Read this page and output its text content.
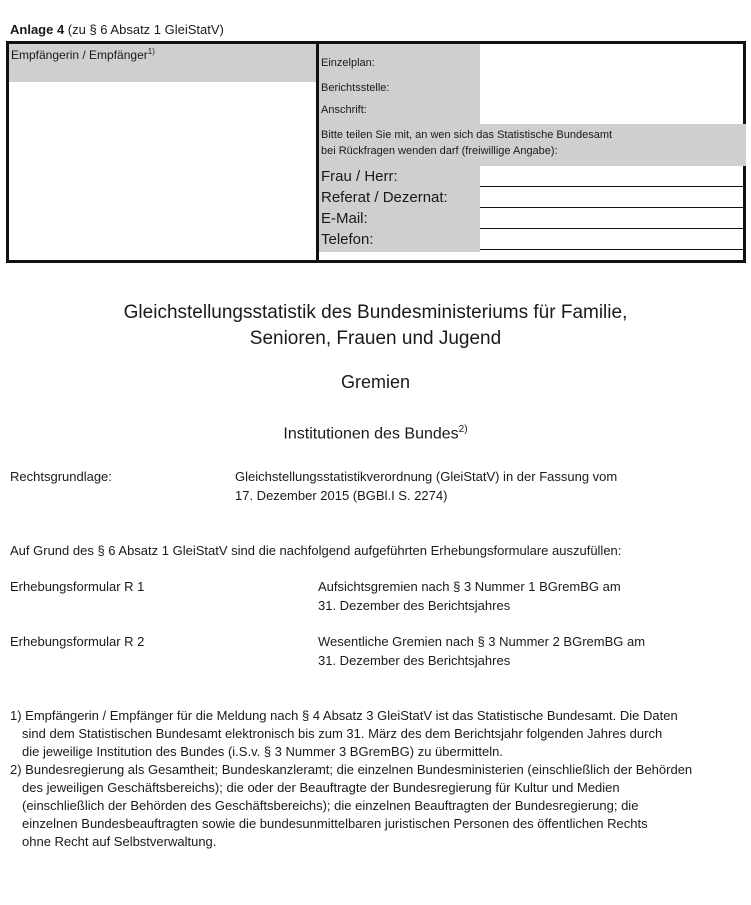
Anlage 4 (zu § 6 Absatz 1 GleiStatV)
Empfängerin / Empfänger$^{1)}$
Einzelplan:
Berichtsstelle:
Anschrift:
Bitte teilen Sie mit, an wen sich das Statistische Bundesamt
bei Rückfragen wenden darf (freiwillige Angabe):
Frau / Herr:
Referat / Dezernat:
E-Mail:
Telefon:
Gleichstellungsstatistik des Bundesministeriums für Familie,
Senioren, Frauen und Jugend
Gremien
Institutionen des Bundes$^{2)}$
Rechtsgrundlage:	Gleichstellungsstatistikverordnung (GleiStatV) in der Fassung vom
17. Dezember 2015 (BGBl.I S. 2274)
Auf Grund des § 6 Absatz 1 GleiStatV sind die nachfolgend aufgeführten Erhebungsformulare auszufüllen:
Erhebungsformular R 1	Aufsichtsgremien nach § 3 Nummer 1 BGremBG am
31. Dezember des Berichtsjahres
Erhebungsformular R 2	Wesentliche Gremien nach § 3 Nummer 2 BGremBG am
31. Dezember des Berichtsjahres
1) Empfängerin / Empfänger für die Meldung nach § 4 Absatz 3 GleiStatV ist das Statistische Bundesamt. Die Daten
sind dem Statistischen Bundesamt elektronisch bis zum 31. März des dem Berichtsjahr folgenden Jahres durch
die jeweilige Institution des Bundes (i.S.v. § 3 Nummer 3 BGremBG) zu übermitteln.
2) Bundesregierung als Gesamtheit; Bundeskanzleramt; die einzelnen Bundesministerien (einschließlich der Behörden
des jeweiligen Geschäftsbereichs); die oder der Beauftragte der Bundesregierung für Kultur und Medien
(einschließlich der Behörden des Geschäftsbereichs); die einzelnen Beauftragten der Bundesregierung; die
einzelnen Bundesbeauftragten sowie die bundesunmittelbaren juristischen Personen des öffentlichen Rechts
ohne Recht auf Selbstverwaltung.
